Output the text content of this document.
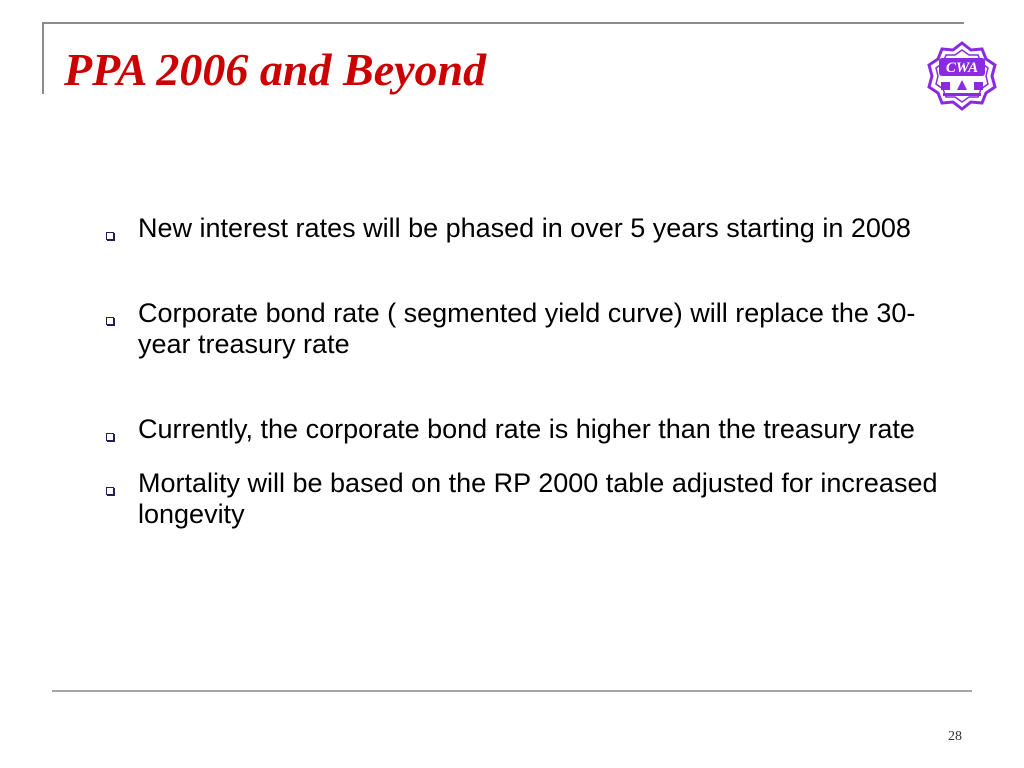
PPA 2006 and Beyond	CWA
New interest rates will be phased in over 5 years starting in 2008
Corporate bond rate ( segmented yield curve) will replace the 30-year treasury rate
Currently, the corporate bond rate is higher than the treasury rate
Mortality will be based on the RP 2000 table adjusted for increased longevity
28
